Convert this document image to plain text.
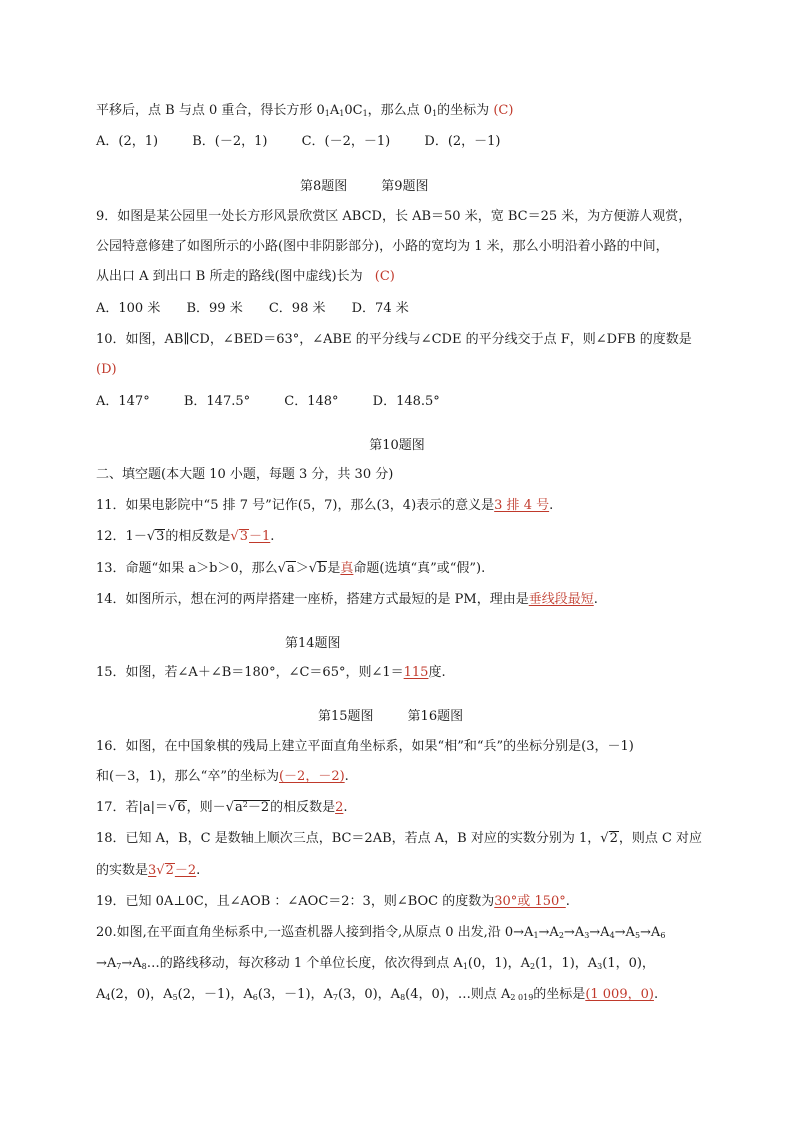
平移后，点 B 与点 0 重合，得长方形 $0_1A_10C_1$，那么点 $0_1$的坐标为 (C)
A．(2，1)	B．(－2，1)	C．(－2，－1)	D．(2，－1)
第8题图	第9题图
9．如图是某公园里一处长方形风景欣赏区 ABCD，长 AB＝50 米，宽 BC＝25 米，为方便游人观赏，
公园特意修建了如图所示的小路(图中非阴影部分)，小路的宽均为 1 米，那么小明沿着小路的中间，
从出口 A 到出口 B 所走的路线(图中虚线)长为 (C)
A．100 米 B．99 米 C．98 米 D．74 米
10．如图，AB∥CD，∠BED＝63°，∠ABE 的平分线与∠CDE 的平分线交于点 F，则∠DFB 的度数是
(D)
A．147°	B．147.5°	C．148°	D．148.5°
第10题图
二、填空题(本大题 10 小题，每题 3 分，共 30 分)
11．如果电影院中“5 排 7 号”记作(5，7)，那么(3，4)表示的意义是3 排 4 号.
12．1－√3的相反数是√3－1.
13．命题“如果 a＞b＞0，那么√a＞√b是真命题(选填“真”或“假”).
14．如图所示，想在河的两岸搭建一座桥，搭建方式最短的是 PM，理由是垂线段最短.
第14题图
15．如图，若∠A＋∠B＝180°，∠C＝65°，则∠1＝115度.
第15题图	第16题图
16．如图，在中国象棋的残局上建立平面直角坐标系，如果“相”和“兵”的坐标分别是(3，－1)
和(－3，1)，那么“卒”的坐标为(－2，－2).
17．若|a|＝√6，则$-√a^2-2$的相反数是2.
18．已知 A，B，C 是数轴上顺次三点，BC＝2AB，若点 A，B 对应的实数分别为 1，√2，则点 C 对应
的实数是3√2－2.
19．已知 0A⊥0C，且∠AOB ：∠AOC＝2：3，则∠BOC 的度数为30°或 150°.
20.如图,在平面直角坐标系中,一巡查机器人接到指令,从原点 0 出发,沿 $0\to A_1\to A_2\to A_3\to A_4\to A_5\to A_6$
$\to A_7\to A_8\dots$的路线移动，每次移动 1 个单位长度，依次得到点 $A_1(0$，1)，$A_2(1$，1)，$A_3(1$，0)，
$A_4(2$，0)，$A_5(2$，－1)，$A_6(3$，－1)，$A_7(3$，0)，$A_8(4$，0)，…则点 $A_{2 019}$的坐标是(1 009，0).
